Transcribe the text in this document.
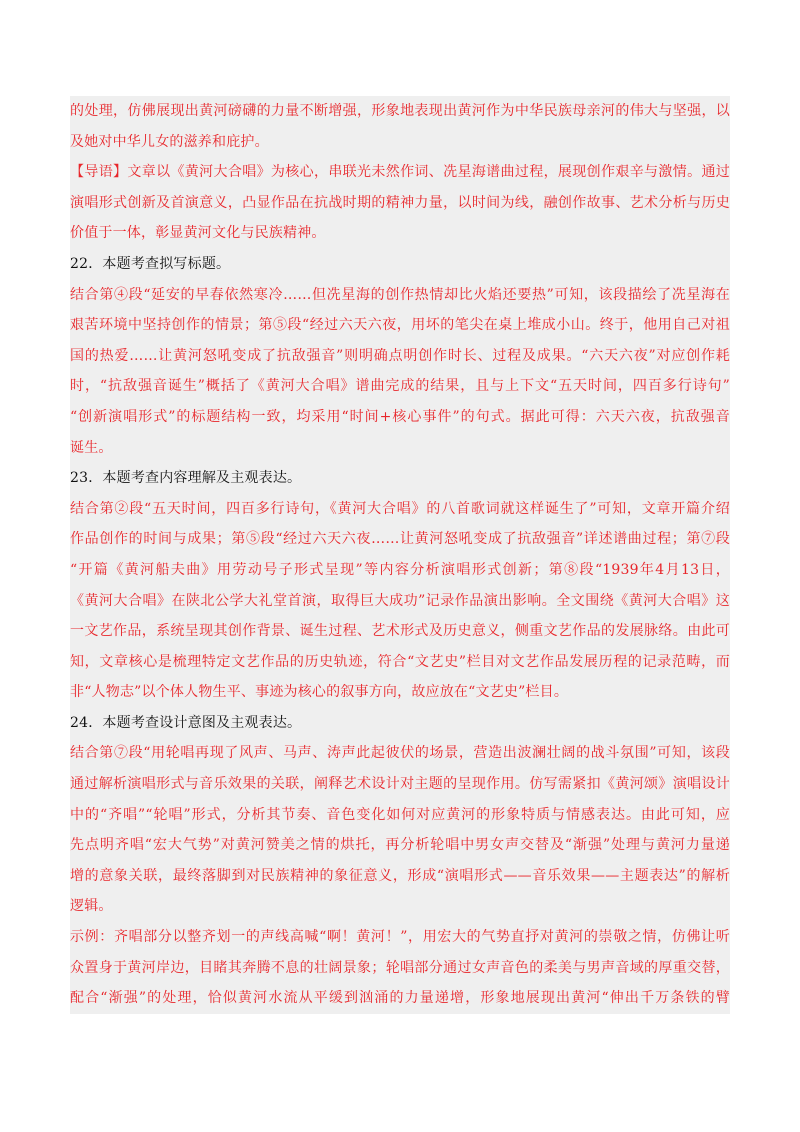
的处理，仿佛展现出黄河磅礴的力量不断增强，形象地表现出黄河作为中华民族母亲河的伟大与坚强，以
及她对中华儿女的滋养和庇护。
【导语】文章以《黄河大合唱》为核心，串联光未然作词、冼星海谱曲过程，展现创作艰辛与激情。通过
演唱形式创新及首演意义，凸显作品在抗战时期的精神力量，以时间为线，融创作故事、艺术分析与历史
价值于一体，彰显黄河文化与民族精神。
22．本题考查拟写标题。
结合第④段“延安的早春依然寒冷……但冼星海的创作热情却比火焰还要热”可知，该段描绘了冼星海在
艰苦环境中坚持创作的情景；第⑤段“经过六天六夜，用坏的笔尖在桌上堆成小山。终于，他用自己对祖
国的热爱……让黄河怒吼变成了抗敌强音”则明确点明创作时长、过程及成果。“六天六夜”对应创作耗
时，“抗敌强音诞生”概括了《黄河大合唱》谱曲完成的结果，且与上下文“五天时间，四百多行诗句”
“创新演唱形式”的标题结构一致，均采用“时间+核心事件”的句式。据此可得：六天六夜，抗敌强音
诞生。
23．本题考查内容理解及主观表达。
结合第②段“五天时间，四百多行诗句，《黄河大合唱》的八首歌词就这样诞生了”可知，文章开篇介绍
作品创作的时间与成果；第⑤段“经过六天六夜……让黄河怒吼变成了抗敌强音”详述谱曲过程；第⑦段
“开篇《黄河船夫曲》用劳动号子形式呈现”等内容分析演唱形式创新；第⑧段“1939年4月13日，
《黄河大合唱》在陕北公学大礼堂首演，取得巨大成功”记录作品演出影响。全文围绕《黄河大合唱》这
一文艺作品，系统呈现其创作背景、诞生过程、艺术形式及历史意义，侧重文艺作品的发展脉络。由此可
知，文章核心是梳理特定文艺作品的历史轨迹，符合“文艺史”栏目对文艺作品发展历程的记录范畴，而
非“人物志”以个体人物生平、事迹为核心的叙事方向，故应放在“文艺史”栏目。
24．本题考查设计意图及主观表达。
结合第⑦段“用轮唱再现了风声、马声、涛声此起彼伏的场景，营造出波澜壮阔的战斗氛围”可知，该段
通过解析演唱形式与音乐效果的关联，阐释艺术设计对主题的呈现作用。仿写需紧扣《黄河颂》演唱设计
中的“齐唱”“轮唱”形式，分析其节奏、音色变化如何对应黄河的形象特质与情感表达。由此可知，应
先点明齐唱“宏大气势”对黄河赞美之情的烘托，再分析轮唱中男女声交替及“渐强”处理与黄河力量递
增的意象关联，最终落脚到对民族精神的象征意义，形成“演唱形式——音乐效果——主题表达”的解析
逻辑。
示例：齐唱部分以整齐划一的声线高喊“啊！黄河！”，用宏大的气势直抒对黄河的崇敬之情，仿佛让听
众置身于黄河岸边，目睹其奔腾不息的壮阔景象；轮唱部分通过女声音色的柔美与男声音域的厚重交替，
配合“渐强”的处理，恰似黄河水流从平缓到汹涌的力量递增，形象地展现出黄河“伸出千万条铁的臂
